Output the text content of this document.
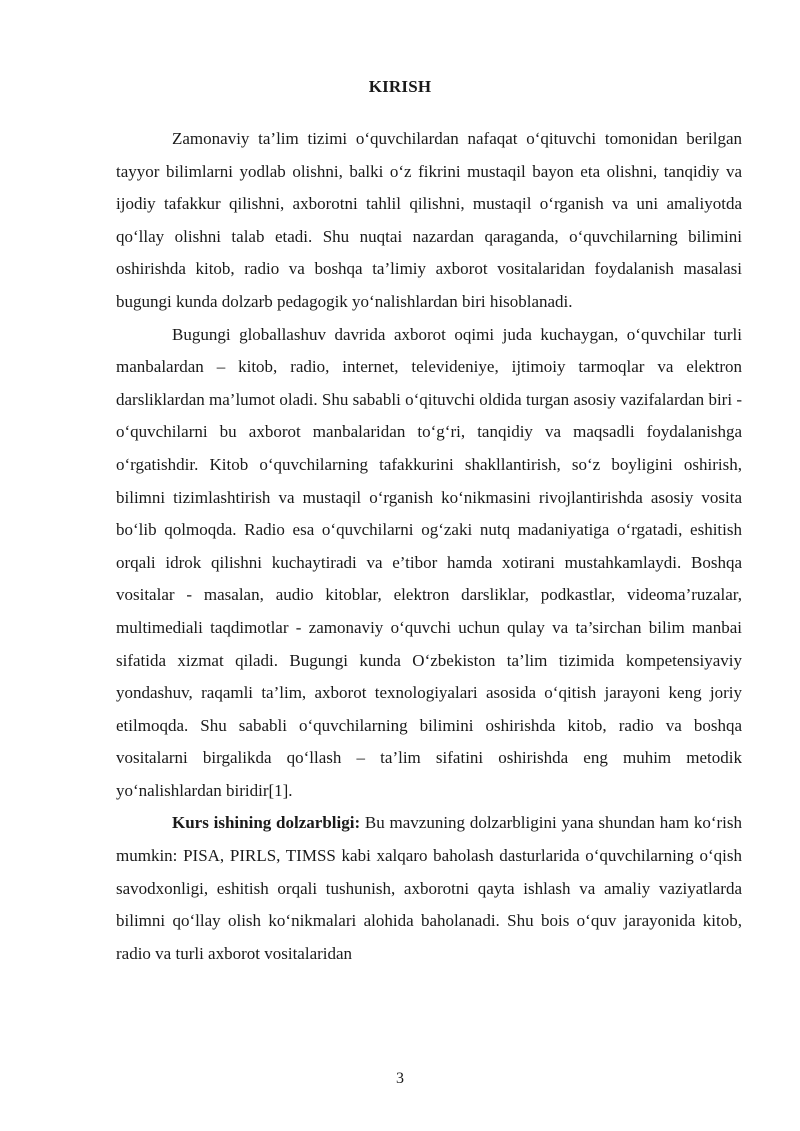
KIRISH

Zamonaviy ta’lim tizimi o‘quvchilardan nafaqat o‘qituvchi tomonidan berilgan tayyor bilimlarni yodlab olishni, balki o‘z fikrini mustaqil bayon eta olishni, tanqidiy va ijodiy tafakkur qilishni, axborotni tahlil qilishni, mustaqil o‘rganish va uni amaliyotda qo‘llay olishni talab etadi. Shu nuqtai nazardan qaraganda, o‘quvchilarning bilimini oshirishda kitob, radio va boshqa ta’limiy axborot vositalaridan foydalanish masalasi bugungi kunda dolzarb pedagogik yo‘nalishlardan biri hisoblanadi.

Bugungi globallashuv davrida axborot oqimi juda kuchaygan, o‘quvchilar turli manbalardan – kitob, radio, internet, televideniye, ijtimoiy tarmoqlar va elektron darsliklardan ma’lumot oladi. Shu sababli o‘qituvchi oldida turgan asosiy vazifalardan biri - o‘quvchilarni bu axborot manbalaridan to‘g‘ri, tanqidiy va maqsadli foydalanishga o‘rgatishdir. Kitob o‘quvchilarning tafakkurini shakllantirish, so‘z boyligini oshirish, bilimni tizimlashtirish va mustaqil o‘rganish ko‘nikmasini rivojlantirishda asosiy vosita bo‘lib qolmoqda. Radio esa o‘quvchilarni og‘zaki nutq madaniyatiga o‘rgatadi, eshitish orqali idrok qilishni kuchaytiradi va e’tibor hamda xotirani mustahkamlaydi. Boshqa vositalar - masalan, audio kitoblar, elektron darsliklar, podkastlar, videoma’ruzalar, multimediali taqdimotlar - zamonaviy o‘quvchi uchun qulay va ta’sirchan bilim manbai sifatida xizmat qiladi. Bugungi kunda O‘zbekiston ta’lim tizimida kompetensiyaviy yondashuv, raqamli ta’lim, axborot texnologiyalari asosida o‘qitish jarayoni keng joriy etilmoqda. Shu sababli o‘quvchilarning bilimini oshirishda kitob, radio va boshqa vositalarni birgalikda qo‘llash – ta’lim sifatini oshirishda eng muhim metodik yo‘nalishlardan biridir[1].

Kurs ishining dolzarbligi: Bu mavzuning dolzarbligini yana shundan ham ko‘rish mumkin: PISA, PIRLS, TIMSS kabi xalqaro baholash dasturlarida o‘quvchilarning o‘qish savodxonligi, eshitish orqali tushunish, axborotni qayta ishlash va amaliy vaziyatlarda bilimni qo‘llay olish ko‘nikmalari alohida baholanadi. Shu bois o‘quv jarayonida kitob, radio va turli axborot vositalaridan

3
